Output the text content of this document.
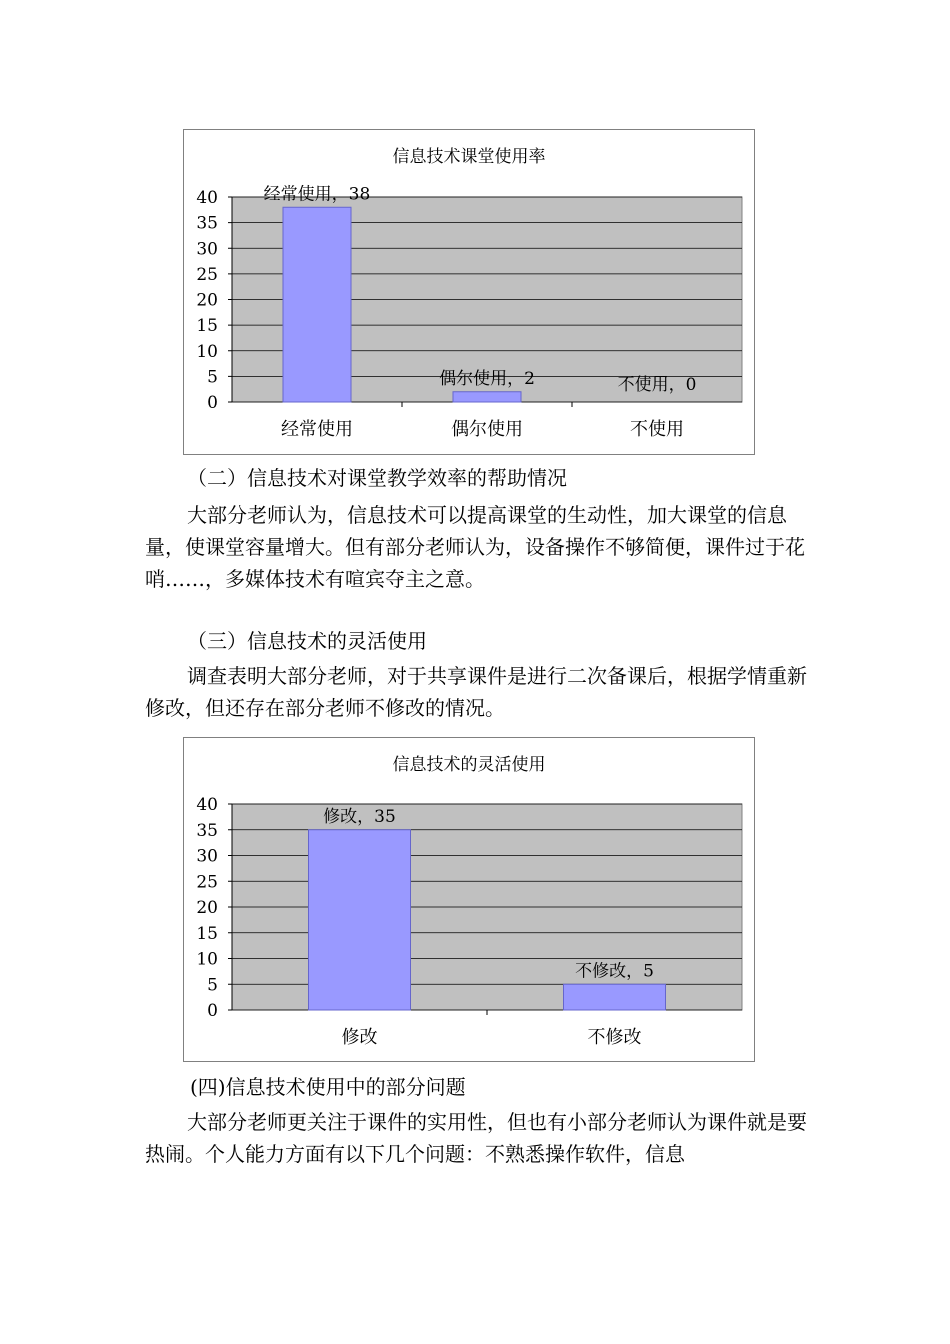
信息技术课堂使用率
0
5
10
15
20
25
30
35
40
经常使用
经常使用，38
偶尔使用
偶尔使用，2
不使用
不使用，0

（二）信息技术对课堂教学效率的帮助情况

大部分老师认为，信息技术可以提高课堂的生动性，加大课堂的信息量，使课堂容量增大。但有部分老师认为，设备操作不够简便，课件过于花哨……，多媒体技术有喧宾夺主之意。

（三）信息技术的灵活使用

调查表明大部分老师，对于共享课件是进行二次备课后，根据学情重新修改，但还存在部分老师不修改的情况。

信息技术的灵活使用
0
5
10
15
20
25
30
35
40
修改
修改，35
不修改
不修改，5

(四)信息技术使用中的部分问题

大部分老师更关注于课件的实用性，但也有小部分老师认为课件就是要热闹。个人能力方面有以下几个问题：不熟悉操作软件，信息
